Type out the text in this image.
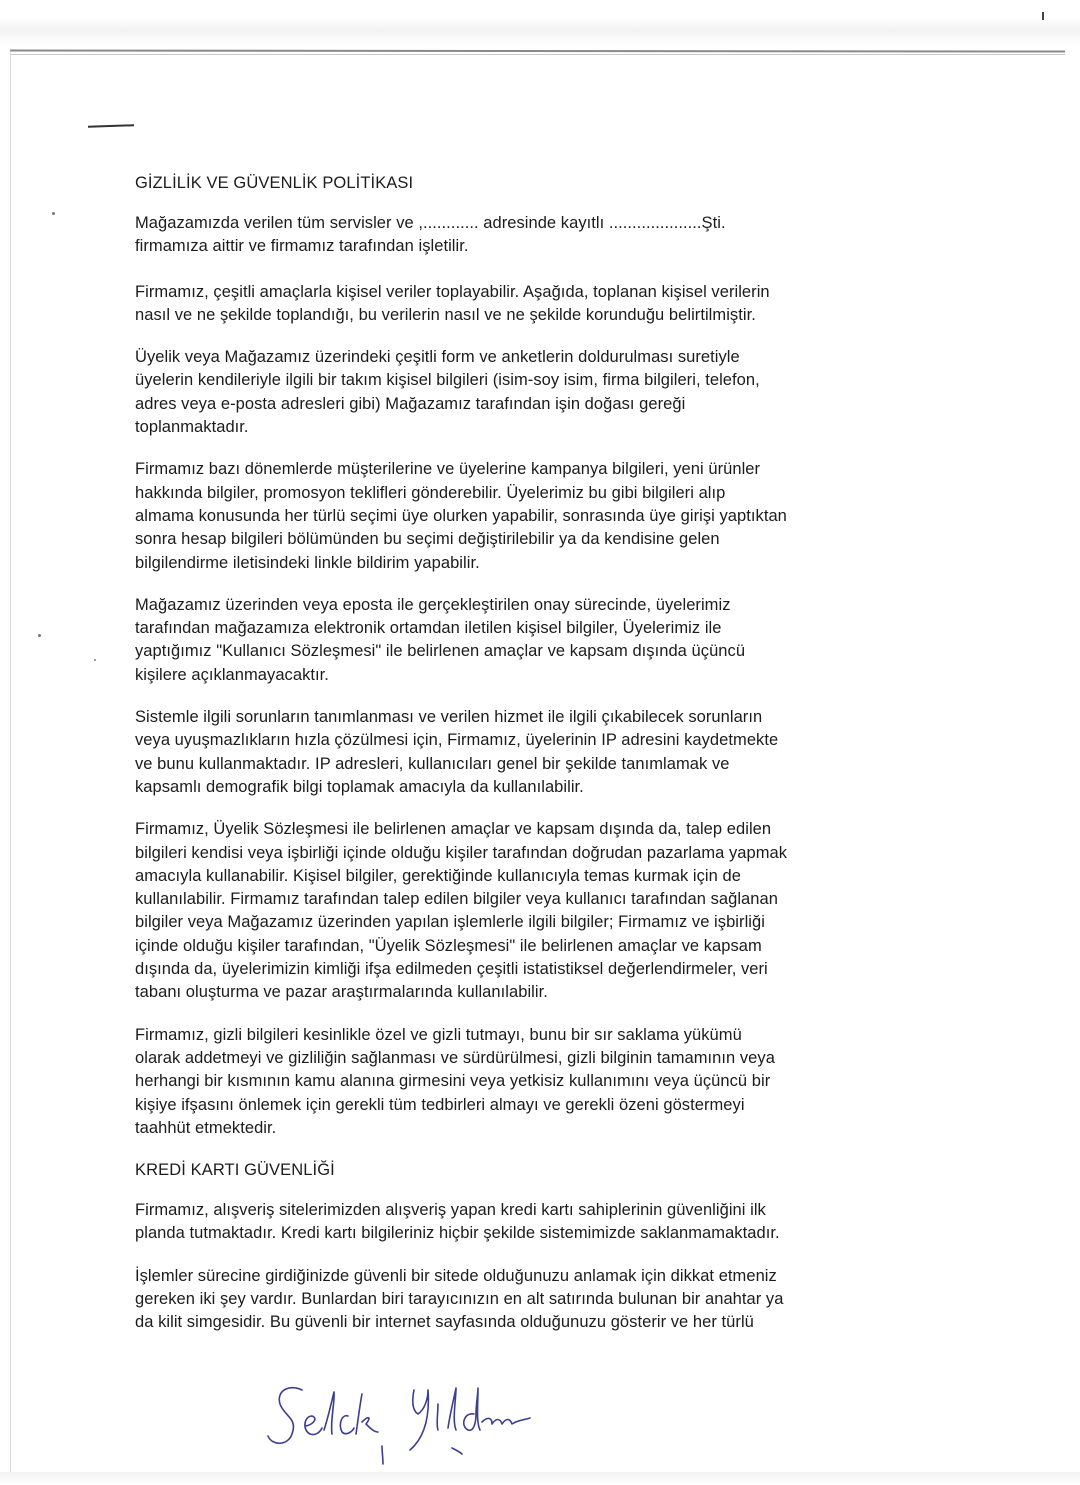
GİZLİLİK VE GÜVENLİK POLİTİKASI
Mağazamızda verilen tüm servisler ve ,............ adresinde kayıtlı ....................Şti.
firmamıza aittir ve firmamız tarafından işletilir.
Firmamız, çeşitli amaçlarla kişisel veriler toplayabilir. Aşağıda, toplanan kişisel verilerin
nasıl ve ne şekilde toplandığı, bu verilerin nasıl ve ne şekilde korunduğu belirtilmiştir.
Üyelik veya Mağazamız üzerindeki çeşitli form ve anketlerin doldurulması suretiyle
üyelerin kendileriyle ilgili bir takım kişisel bilgileri (isim-soy isim, firma bilgileri, telefon,
adres veya e-posta adresleri gibi) Mağazamız tarafından işin doğası gereği
toplanmaktadır.
Firmamız bazı dönemlerde müşterilerine ve üyelerine kampanya bilgileri, yeni ürünler
hakkında bilgiler, promosyon teklifleri gönderebilir. Üyelerimiz bu gibi bilgileri alıp
almama konusunda her türlü seçimi üye olurken yapabilir, sonrasında üye girişi yaptıktan
sonra hesap bilgileri bölümünden bu seçimi değiştirilebilir ya da kendisine gelen
bilgilendirme iletisindeki linkle bildirim yapabilir.
Mağazamız üzerinden veya eposta ile gerçekleştirilen onay sürecinde, üyelerimiz
tarafından mağazamıza elektronik ortamdan iletilen kişisel bilgiler, Üyelerimiz ile
yaptığımız "Kullanıcı Sözleşmesi" ile belirlenen amaçlar ve kapsam dışında üçüncü
kişilere açıklanmayacaktır.
Sistemle ilgili sorunların tanımlanması ve verilen hizmet ile ilgili çıkabilecek sorunların
veya uyuşmazlıkların hızla çözülmesi için, Firmamız, üyelerinin IP adresini kaydetmekte
ve bunu kullanmaktadır. IP adresleri, kullanıcıları genel bir şekilde tanımlamak ve
kapsamlı demografik bilgi toplamak amacıyla da kullanılabilir.
Firmamız, Üyelik Sözleşmesi ile belirlenen amaçlar ve kapsam dışında da, talep edilen
bilgileri kendisi veya işbirliği içinde olduğu kişiler tarafından doğrudan pazarlama yapmak
amacıyla kullanabilir. Kişisel bilgiler, gerektiğinde kullanıcıyla temas kurmak için de
kullanılabilir. Firmamız tarafından talep edilen bilgiler veya kullanıcı tarafından sağlanan
bilgiler veya Mağazamız üzerinden yapılan işlemlerle ilgili bilgiler; Firmamız ve işbirliği
içinde olduğu kişiler tarafından, "Üyelik Sözleşmesi" ile belirlenen amaçlar ve kapsam
dışında da, üyelerimizin kimliği ifşa edilmeden çeşitli istatistiksel değerlendirmeler, veri
tabanı oluşturma ve pazar araştırmalarında kullanılabilir.
Firmamız, gizli bilgileri kesinlikle özel ve gizli tutmayı, bunu bir sır saklama yükümü
olarak addetmeyi ve gizliliğin sağlanması ve sürdürülmesi, gizli bilginin tamamının veya
herhangi bir kısmının kamu alanına girmesini veya yetkisiz kullanımını veya üçüncü bir
kişiye ifşasını önlemek için gerekli tüm tedbirleri almayı ve gerekli özeni göstermeyi
taahhüt etmektedir.
KREDİ KARTI GÜVENLİĞİ
Firmamız, alışveriş sitelerimizden alışveriş yapan kredi kartı sahiplerinin güvenliğini ilk
planda tutmaktadır. Kredi kartı bilgileriniz hiçbir şekilde sistemimizde saklanmamaktadır.
İşlemler sürecine girdiğinizde güvenli bir sitede olduğunuzu anlamak için dikkat etmeniz
gereken iki şey vardır. Bunlardan biri tarayıcınızın en alt satırında bulunan bir anahtar ya
da kilit simgesidir. Bu güvenli bir internet sayfasında olduğunuzu gösterir ve her türlü
